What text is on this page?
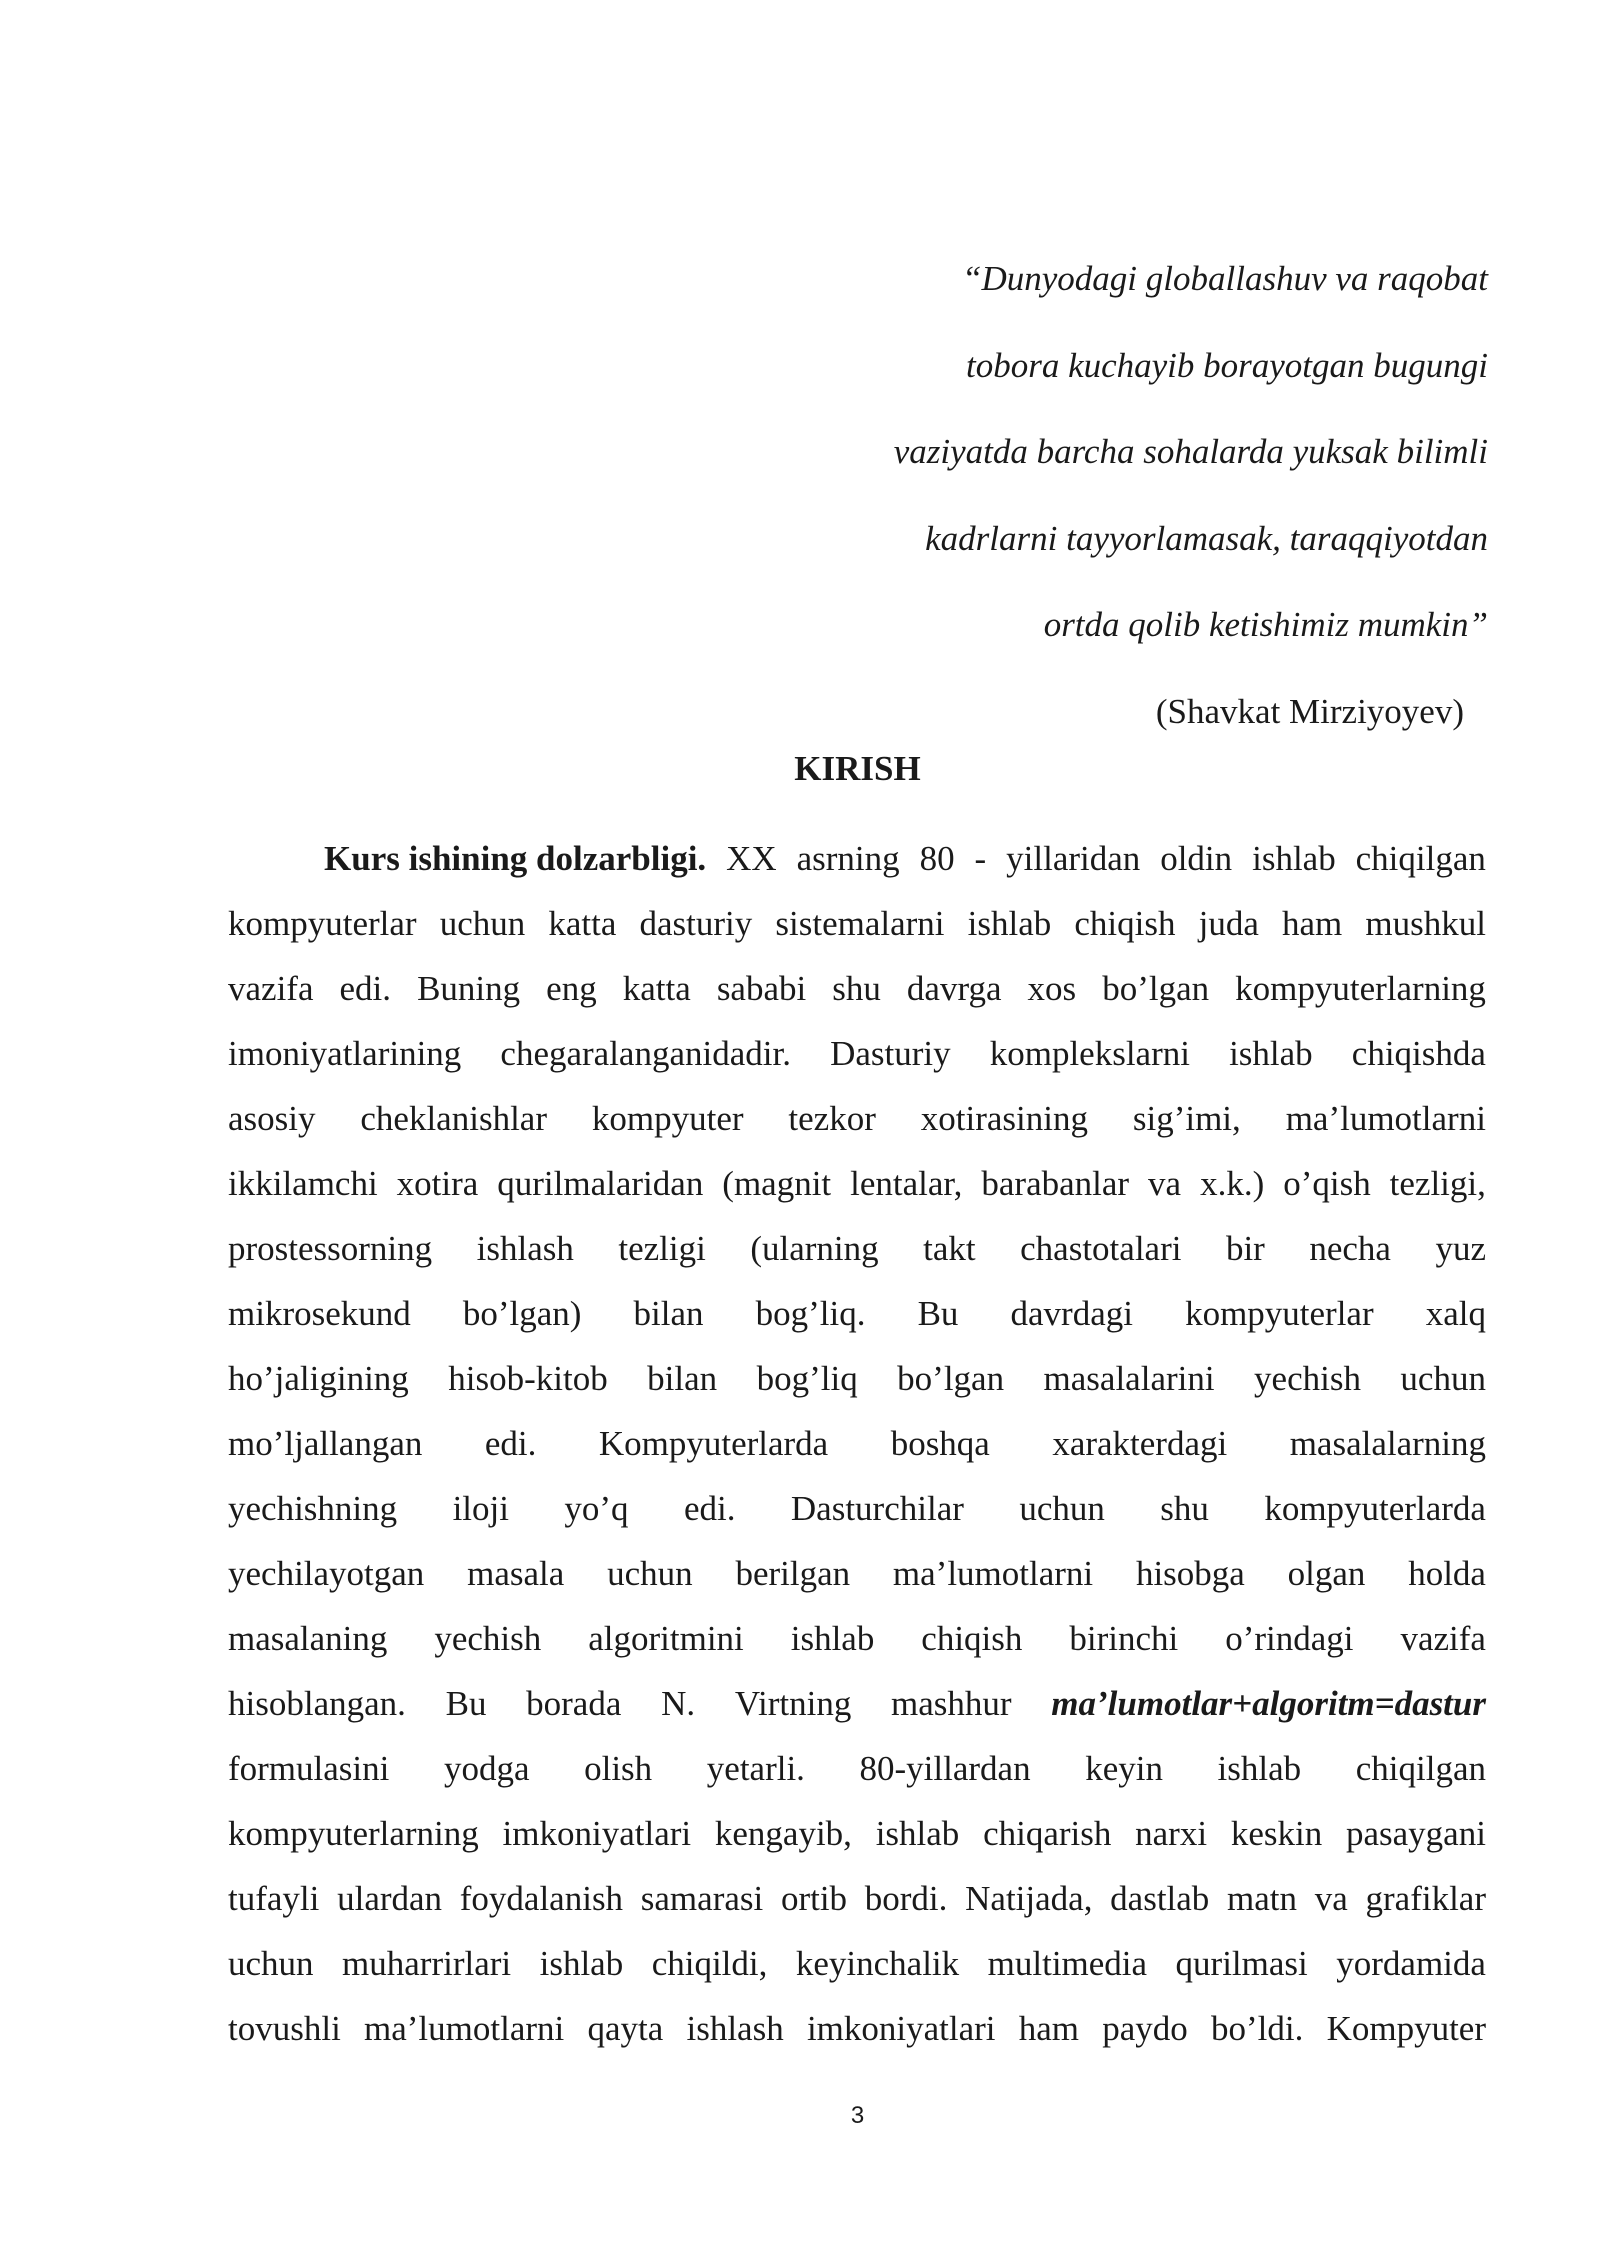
“Dunyodagi globallashuv va raqobat
tobora kuchayib borayotgan bugungi
vaziyatda barcha sohalarda yuksak bilimli
kadrlarni tayyorlamasak, taraqqiyotdan
ortda qolib ketishimiz mumkin”
(Shavkat Mirziyoyev)
KIRISH
Kurs ishining dolzarbligi. XX asrning 80 - yillaridan oldin ishlab chiqilgan
kompyuterlar uchun katta dasturiy sistemalarni ishlab chiqish juda ham mushkul
vazifa edi. Buning eng katta sababi shu davrga xos bo’lgan kompyuterlarning
imoniyatlarining chegaralanganidadir. Dasturiy komplekslarni ishlab chiqishda
asosiy cheklanishlar kompyuter tezkor xotirasining sig’imi, ma’lumotlarni
ikkilamchi xotira qurilmalaridan (magnit lentalar, barabanlar va x.k.) o’qish tezligi,
prostessorning ishlash tezligi (ularning takt chastotalari bir necha yuz
mikrosekund bo’lgan) bilan bog’liq. Bu davrdagi kompyuterlar xalq
ho’jaligining hisob-kitob bilan bog’liq bo’lgan masalalarini yechish uchun
mo’ljallangan edi. Kompyuterlarda boshqa xarakterdagi masalalarning
yechishning iloji yo’q edi. Dasturchilar uchun shu kompyuterlarda
yechilayotgan masala uchun berilgan ma’lumotlarni hisobga olgan holda
masalaning yechish algoritmini ishlab chiqish birinchi o’rindagi vazifa
hisoblangan. Bu borada N. Virtning mashhur ma’lumotlar+algoritm=dastur
formulasini yodga olish yetarli. 80-yillardan keyin ishlab chiqilgan
kompyuterlarning imkoniyatlari kengayib, ishlab chiqarish narxi keskin pasaygani
tufayli ulardan foydalanish samarasi ortib bordi. Natijada, dastlab matn va grafiklar
uchun muharrirlari ishlab chiqildi, keyinchalik multimedia qurilmasi yordamida
tovushli ma’lumotlarni qayta ishlash imkoniyatlari ham paydo bo’ldi. Kompyuter
3
